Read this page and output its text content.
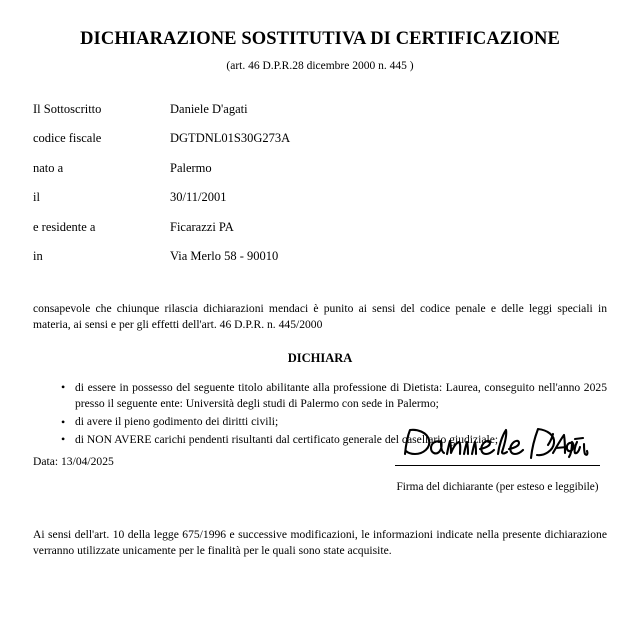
DICHIARAZIONE SOSTITUTIVA DI CERTIFICAZIONE

(art. 46 D.P.R.28 dicembre 2000 n. 445 )

Il Sottoscritto	Daniele D'agati
codice fiscale	DGTDNL01S30G273A
nato a	Palermo
il	30/11/2001
e residente a	Ficarazzi PA
in	Via Merlo 58 - 90010

consapevole che chiunque rilascia dichiarazioni mendaci è punito ai sensi del codice penale e delle leggi speciali in materia, ai sensi e per gli effetti dell'art. 46 D.P.R. n. 445/2000

DICHIARA

• di essere in possesso del seguente titolo abilitante alla professione di Dietista: Laurea, conseguito nell'anno 2025 presso il seguente ente: Università degli studi di Palermo con sede in Palermo;
• di avere il pieno godimento dei diritti civili;
• di NON AVERE carichi pendenti risultanti dal certificato generale del casellario giudiziale;
Data: 13/04/2025
Firma del dichiarante (per esteso e leggibile)

Ai sensi dell'art. 10 della legge 675/1996 e successive modificazioni, le informazioni indicate nella presente dichiarazione verranno utilizzate unicamente per le finalità per le quali sono state acquisite.
